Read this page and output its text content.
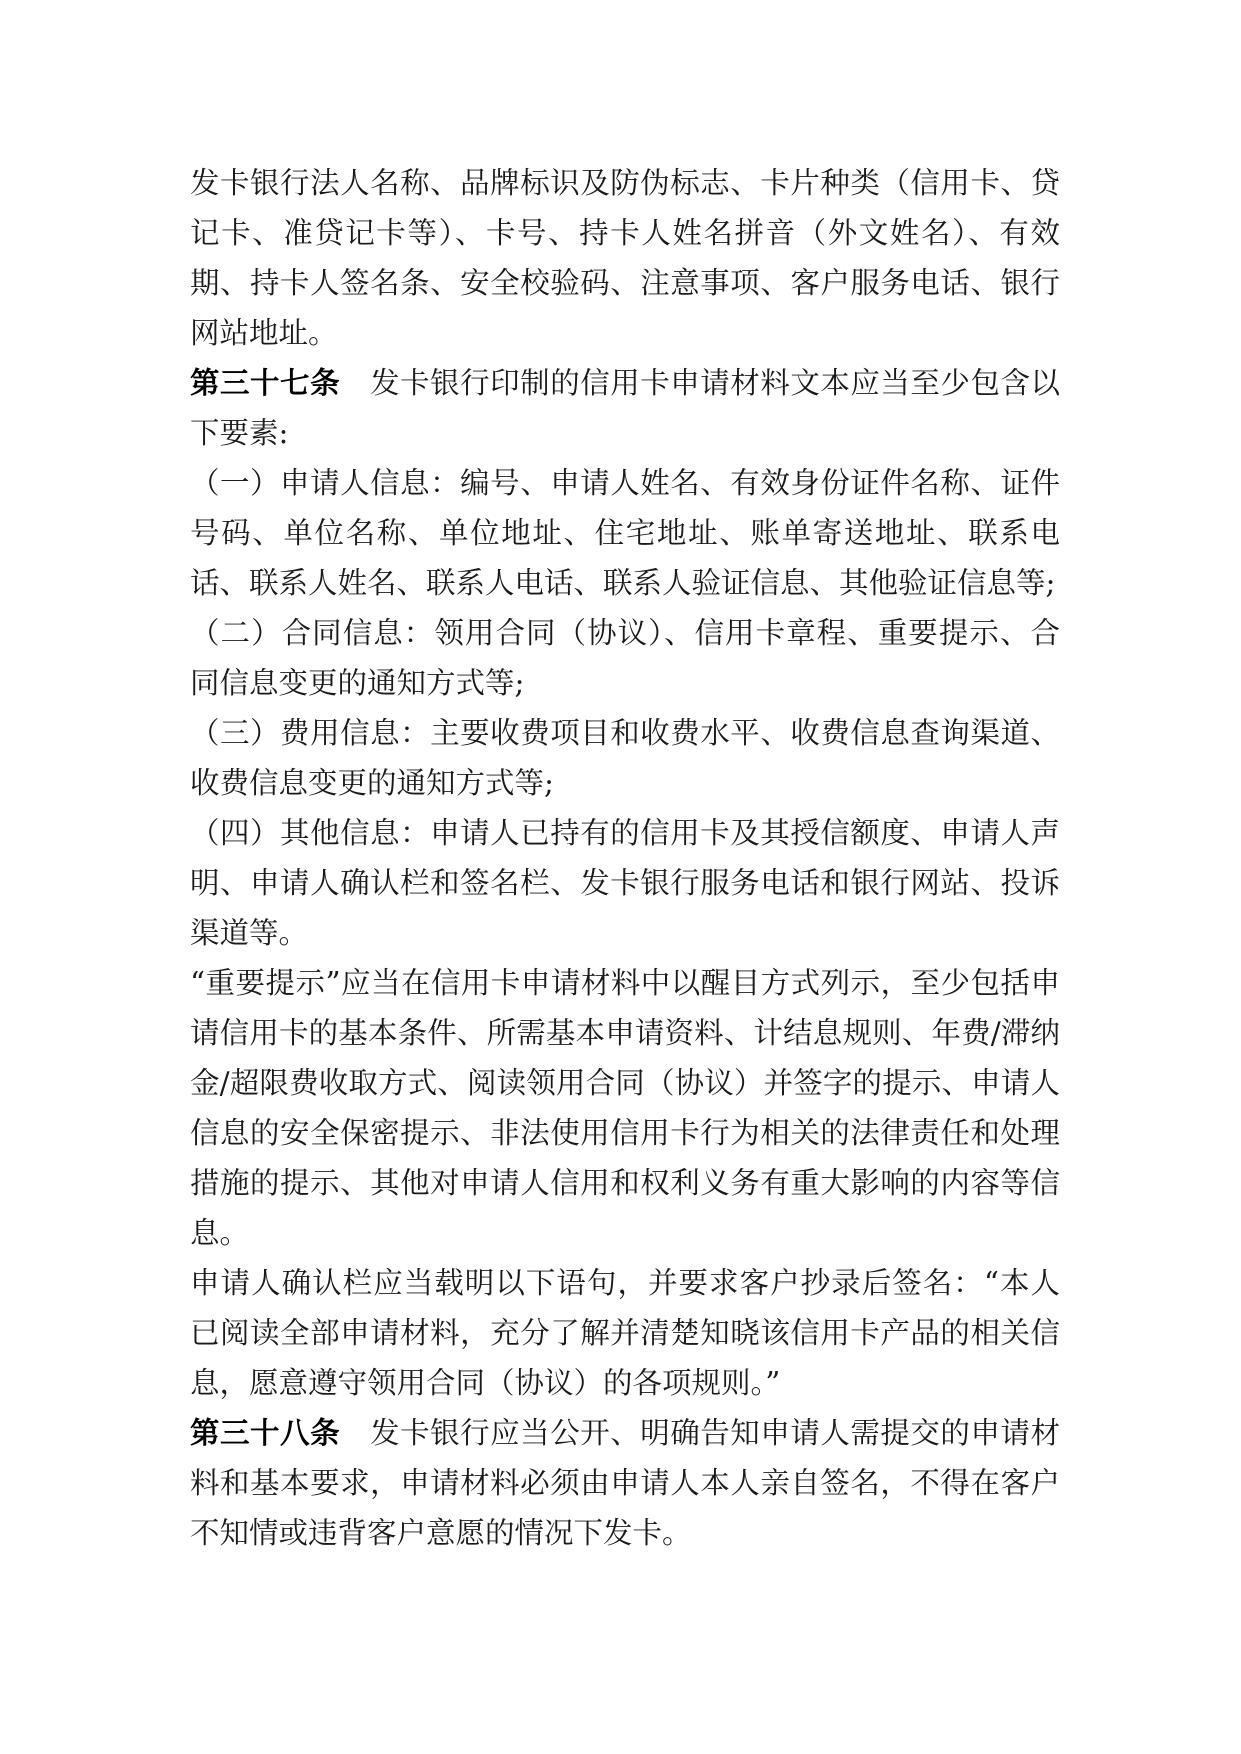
发卡银行法人名称、品牌标识及防伪标志、卡片种类（信用卡、贷记卡、准贷记卡等）、卡号、持卡人姓名拼音（外文姓名）、有效期、持卡人签名条、安全校验码、注意事项、客户服务电话、银行网站地址。

第三十七条 发卡银行印制的信用卡申请材料文本应当至少包含以下要素:

（一）申请人信息：编号、申请人姓名、有效身份证件名称、证件号码、单位名称、单位地址、住宅地址、账单寄送地址、联系电话、联系人姓名、联系人电话、联系人验证信息、其他验证信息等;

（二）合同信息：领用合同（协议）、信用卡章程、重要提示、合同信息变更的通知方式等;

（三）费用信息：主要收费项目和收费水平、收费信息查询渠道、收费信息变更的通知方式等;

（四）其他信息：申请人已持有的信用卡及其授信额度、申请人声明、申请人确认栏和签名栏、发卡银行服务电话和银行网站、投诉渠道等。

“重要提示”应当在信用卡申请材料中以醒目方式列示，至少包括申请信用卡的基本条件、所需基本申请资料、计结息规则、年费/滞纳金/超限费收取方式、阅读领用合同（协议）并签字的提示、申请人信息的安全保密提示、非法使用信用卡行为相关的法律责任和处理措施的提示、其他对申请人信用和权利义务有重大影响的内容等信息。

申请人确认栏应当载明以下语句，并要求客户抄录后签名：“本人已阅读全部申请材料，充分了解并清楚知晓该信用卡产品的相关信息，愿意遵守领用合同（协议）的各项规则。”

第三十八条 发卡银行应当公开、明确告知申请人需提交的申请材料和基本要求，申请材料必须由申请人本人亲自签名，不得在客户不知情或违背客户意愿的情况下发卡。
